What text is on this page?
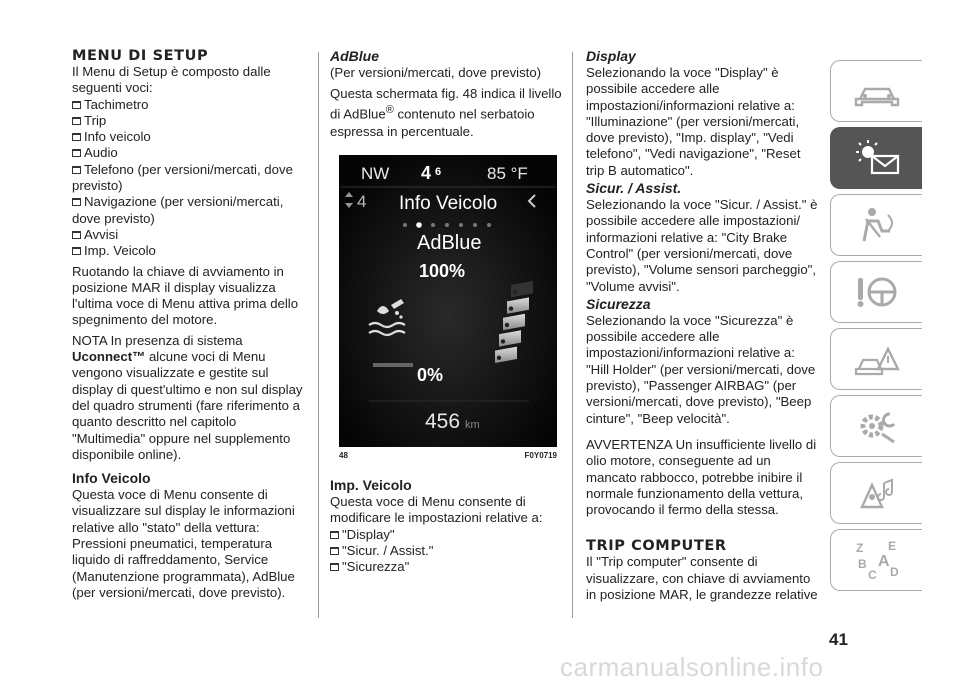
MENU DI SETUP

Il Menu di Setup è composto dalle seguenti voci:

Tachimetro
Trip
Info veicolo
Audio
Telefono (per versioni/mercati, dove previsto)
Navigazione (per versioni/mercati, dove previsto)
Avvisi
Imp. Veicolo

Ruotando la chiave di avviamento in posizione MAR il display visualizza l'ultima voce di Menu attiva prima dello spegnimento del motore.

NOTA In presenza di sistema
Uconnect™ alcune voci di Menu vengono visualizzate e gestite sul display di quest'ultimo e non sul display del quadro strumenti (fare riferimento a quanto descritto nel capitolo "Multimedia" oppure nel supplemento disponibile online).

Info Veicolo

Questa voce di Menu consente di visualizzare sul display le informazioni relative allo "stato" della vettura: Pressioni pneumatici, temperatura liquido di raffreddamento, Service (Manutenzione programmata), AdBlue (per versioni/mercati, dove previsto).

AdBlue

(Per versioni/mercati, dove previsto)

Questa schermata fig. 48 indica il livello di AdBlue® contenuto nel serbatoio espressa in percentuale.

NW 4 6	85 °F
4 Info Veicolo
AdBlue
100%
0%
456 km
48	F0Y0719

Imp. Veicolo

Questa voce di Menu consente di modificare le impostazioni relative a:

"Display"
"Sicur. / Assist."
"Sicurezza"

Display

Selezionando la voce "Display" è possibile accedere alle impostazioni/informazioni relative a: "Illuminazione" (per versioni/mercati, dove previsto), "Imp. display", "Vedi telefono", "Vedi navigazione", "Reset trip B automatico".

Sicur. / Assist.

Selezionando la voce "Sicur. / Assist." è possibile accedere alle impostazioni/ informazioni relative a: "City Brake Control" (per versioni/mercati, dove previsto), "Volume sensori parcheggio", "Volume avvisi".

Sicurezza

Selezionando la voce "Sicurezza" è possibile accedere alle impostazioni/informazioni relative a: "Hill Holder" (per versioni/mercati, dove previsto), "Passenger AIRBAG" (per versioni/mercati, dove previsto), "Beep cinture", "Beep velocità".

AVVERTENZA Un insufficiente livello di olio motore, conseguente ad un mancato rabbocco, potrebbe inibire il normale funzionamento della vettura, provocando il fermo della stessa.

TRIP COMPUTER

Il "Trip computer" consente di visualizzare, con chiave di avviamento in posizione MAR, le grandezze relative

Z E
B A
C D
41
carmanualsonline.info
